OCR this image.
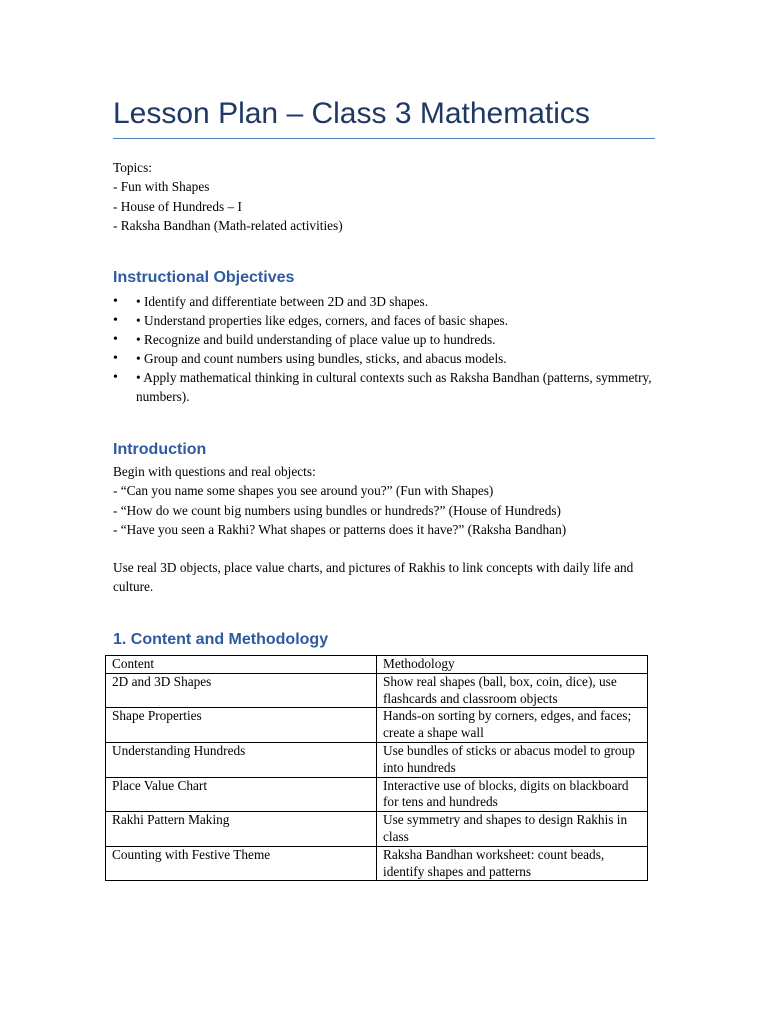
Lesson Plan – Class 3 Mathematics
Topics:
- Fun with Shapes
- House of Hundreds – I
- Raksha Bandhan (Math-related activities)
Instructional Objectives
• • Identify and differentiate between 2D and 3D shapes.
• • Understand properties like edges, corners, and faces of basic shapes.
• • Recognize and build understanding of place value up to hundreds.
• • Group and count numbers using bundles, sticks, and abacus models.
• • Apply mathematical thinking in cultural contexts such as Raksha Bandhan (patterns, symmetry, numbers).
Introduction
Begin with questions and real objects:
- “Can you name some shapes you see around you?” (Fun with Shapes)
- “How do we count big numbers using bundles or hundreds?” (House of Hundreds)
- “Have you seen a Rakhi? What shapes or patterns does it have?” (Raksha Bandhan)
Use real 3D objects, place value charts, and pictures of Rakhis to link concepts with daily life and culture.
1. Content and Methodology
Content	Methodology
2D and 3D Shapes	Show real shapes (ball, box, coin, dice), use flashcards and classroom objects
Shape Properties	Hands-on sorting by corners, edges, and faces; create a shape wall
Understanding Hundreds	Use bundles of sticks or abacus model to group into hundreds
Place Value Chart	Interactive use of blocks, digits on blackboard for tens and hundreds
Rakhi Pattern Making	Use symmetry and shapes to design Rakhis in class
Counting with Festive Theme	Raksha Bandhan worksheet: count beads, identify shapes and patterns
